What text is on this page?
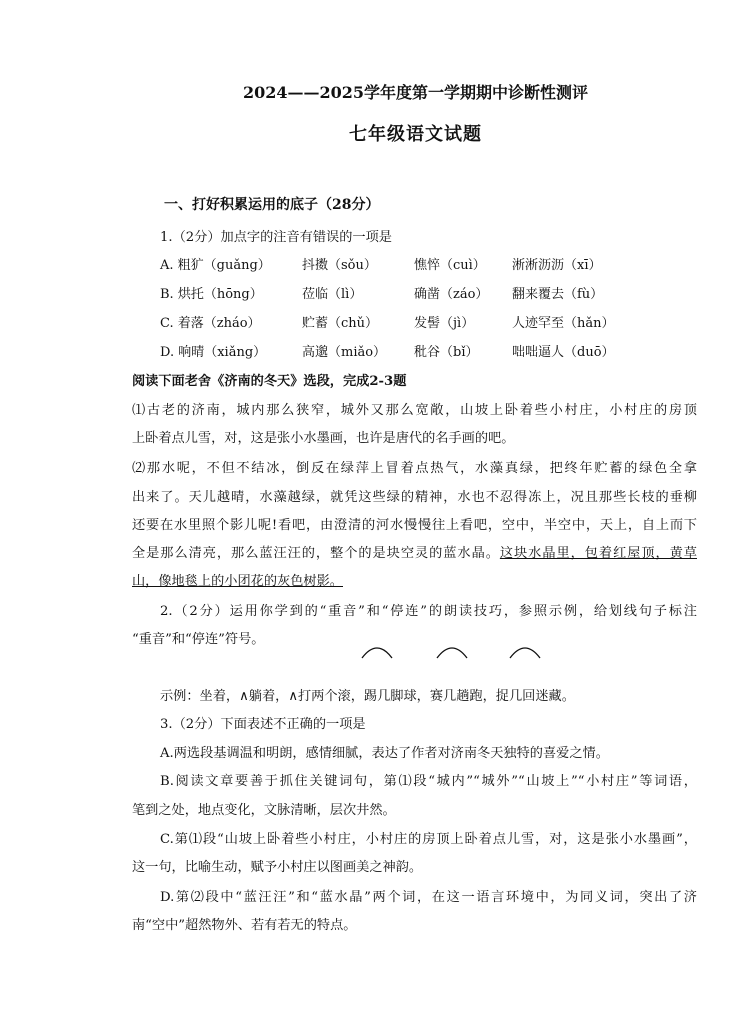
2024——2025学年度第一学期期中诊断性测评
七年级语文试题
一、打好积累运用的底子（28分）
1.（2分）加点字的注音有错误的一项是
A. 粗犷（guǎng） 抖擞（sǒu）	憔悴（cuì） 淅淅沥沥（xī）
B. 烘托（hōng）	莅临（lì）	确凿（záo） 翻来覆去（fù）
C. 着落（zháo）	贮蓄（chǔ）	发髻（jì）	人迹罕至（hǎn）
D. 响晴（xiǎng）	高邈（miǎo） 秕谷（bǐ）	咄咄逼人（duō）
阅读下面老舍《济南的冬天》选段，完成2-3题
⑴古老的济南，城内那么狭窄，城外又那么宽敞，山坡上卧着些小村庄，小村庄的房顶
上卧着点儿雪，对，这是张小水墨画，也许是唐代的名手画的吧。
⑵那水呢，不但不结冰，倒反在绿萍上冒着点热气，水藻真绿，把终年贮蓄的绿色全拿
出来了。天儿越晴，水藻越绿，就凭这些绿的精神，水也不忍得冻上，况且那些长枝的垂柳
还要在水里照个影儿呢!看吧，由澄清的河水慢慢往上看吧，空中，半空中，天上，自上而下
全是那么清亮，那么蓝汪汪的，整个的是块空灵的蓝水晶。这块水晶里，包着红屋顶，黄草
山，像地毯上的小团花的灰色树影。
2.（2分）运用你学到的“重音”和“停连”的朗读技巧，参照示例，给划线句子标注
“重音”和“停连”符号。
示例：坐着，∧躺着，∧打两个滚，踢几脚球，赛几趟跑，捉几回迷藏。
3.（2分）下面表述不正确的一项是
A.两选段基调温和明朗，感情细腻，表达了作者对济南冬天独特的喜爱之情。
B.阅读文章要善于抓住关键词句，第⑴段“城内”“城外”“山坡上”“小村庄”等词语，
笔到之处，地点变化，文脉清晰，层次井然。
C.第⑴段“山坡上卧着些小村庄，小村庄的房顶上卧着点儿雪，对，这是张小水墨画”，
这一句，比喻生动，赋予小村庄以图画美之神韵。
D.第⑵段中“蓝汪汪”和“蓝水晶”两个词，在这一语言环境中，为同义词，突出了济
南“空中”超然物外、若有若无的特点。
